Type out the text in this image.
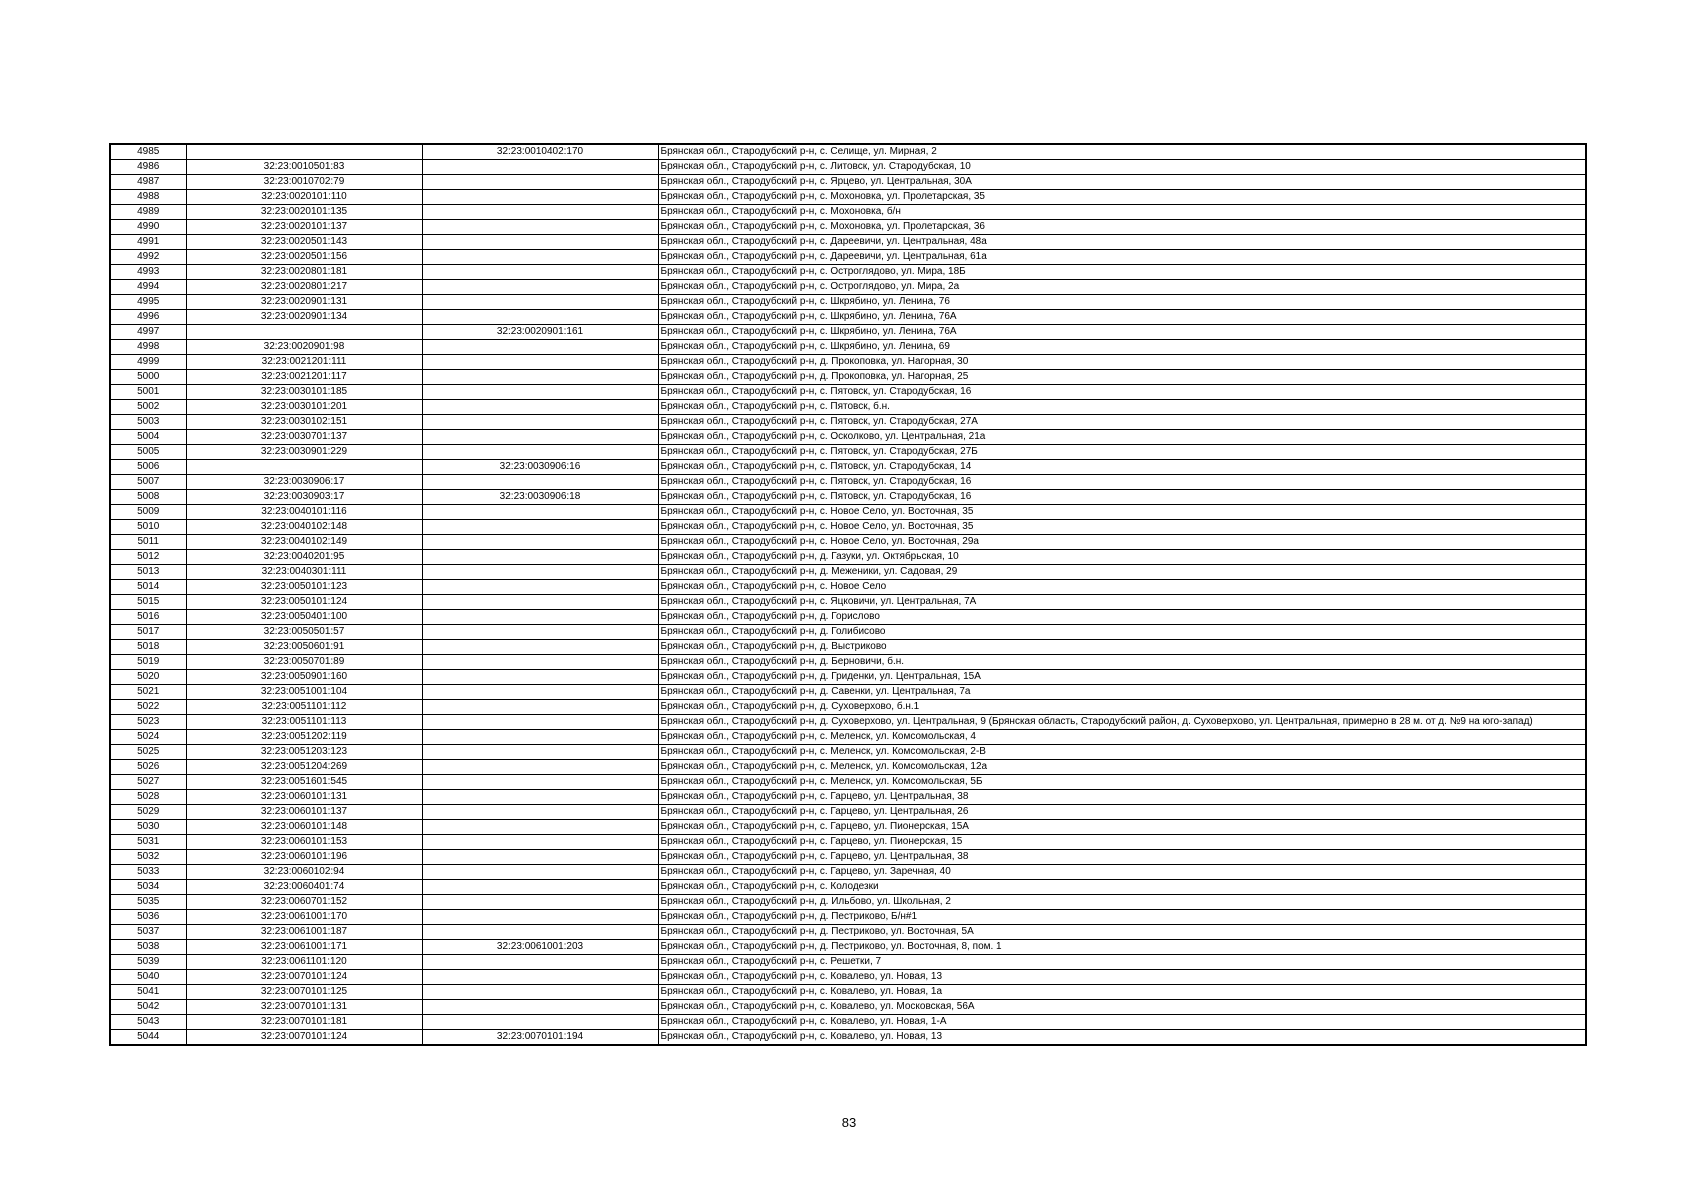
4985		32:23:0010402:170	Брянская обл., Стародубский р-н, с. Селище, ул. Мирная, 2
4986	32:23:0010501:83		Брянская обл., Стародубский р-н, с. Литовск, ул. Стародубская, 10
4987	32:23:0010702:79		Брянская обл., Стародубский р-н, с. Ярцево, ул. Центральная, 30А
4988	32:23:0020101:110		Брянская обл., Стародубский р-н, с. Мохоновка, ул. Пролетарская, 35
4989	32:23:0020101:135		Брянская обл., Стародубский р-н, с. Мохоновка, б/н
4990	32:23:0020101:137		Брянская обл., Стародубский р-н, с. Мохоновка, ул. Пролетарская, 36
4991	32:23:0020501:143		Брянская обл., Стародубский р-н, с. Дареевичи, ул. Центральная, 48а
4992	32:23:0020501:156		Брянская обл., Стародубский р-н, с. Дареевичи, ул. Центральная, 61а
4993	32:23:0020801:181		Брянская обл., Стародубский р-н, с. Остроглядово, ул. Мира, 18Б
4994	32:23:0020801:217		Брянская обл., Стародубский р-н, с. Остроглядово, ул. Мира, 2а
4995	32:23:0020901:131		Брянская обл., Стародубский р-н, с. Шкрябино, ул. Ленина, 76
4996	32:23:0020901:134		Брянская обл., Стародубский р-н, с. Шкрябино, ул. Ленина, 76А
4997		32:23:0020901:161	Брянская обл., Стародубский р-н, с. Шкрябино, ул. Ленина, 76А
4998	32:23:0020901:98		Брянская обл., Стародубский р-н, с. Шкрябино, ул. Ленина, 69
4999	32:23:0021201:111		Брянская обл., Стародубский р-н, д. Прокоповка, ул. Нагорная, 30
5000	32:23:0021201:117		Брянская обл., Стародубский р-н, д. Прокоповка, ул. Нагорная, 25
5001	32:23:0030101:185		Брянская обл., Стародубский р-н, с. Пятовск, ул. Стародубская, 16
5002	32:23:0030101:201		Брянская обл., Стародубский р-н, с. Пятовск, б.н.
5003	32:23:0030102:151		Брянская обл., Стародубский р-н, с. Пятовск, ул. Стародубская, 27А
5004	32:23:0030701:137		Брянская обл., Стародубский р-н, с. Осколково, ул. Центральная, 21а
5005	32:23:0030901:229		Брянская обл., Стародубский р-н, с. Пятовск, ул. Стародубская, 27Б
5006		32:23:0030906:16	Брянская обл., Стародубский р-н, с. Пятовск, ул. Стародубская, 14
5007	32:23:0030906:17		Брянская обл., Стародубский р-н, с. Пятовск, ул. Стародубская, 16
5008	32:23:0030903:17	32:23:0030906:18	Брянская обл., Стародубский р-н, с. Пятовск, ул. Стародубская, 16
5009	32:23:0040101:116		Брянская обл., Стародубский р-н, с. Новое Село, ул. Восточная, 35
5010	32:23:0040102:148		Брянская обл., Стародубский р-н, с. Новое Село, ул. Восточная, 35
5011	32:23:0040102:149		Брянская обл., Стародубский р-н, с. Новое Село, ул. Восточная, 29а
5012	32:23:0040201:95		Брянская обл., Стародубский р-н, д. Газуки, ул. Октябрьская, 10
5013	32:23:0040301:111		Брянская обл., Стародубский р-н, д. Меженики, ул. Садовая, 29
5014	32:23:0050101:123		Брянская обл., Стародубский р-н, с. Новое Село
5015	32:23:0050101:124		Брянская обл., Стародубский р-н, с. Яцковичи, ул. Центральная, 7А
5016	32:23:0050401:100		Брянская обл., Стародубский р-н, д. Горислово
5017	32:23:0050501:57		Брянская обл., Стародубский р-н, д. Голибисово
5018	32:23:0050601:91		Брянская обл., Стародубский р-н, д. Выстриково
5019	32:23:0050701:89		Брянская обл., Стародубский р-н, д. Берновичи, б.н.
5020	32:23:0050901:160		Брянская обл., Стародубский р-н, д. Гриденки, ул. Центральная, 15А
5021	32:23:0051001:104		Брянская обл., Стародубский р-н, д. Савенки, ул. Центральная, 7а
5022	32:23:0051101:112		Брянская обл., Стародубский р-н, д. Суховерхово, б.н.1
5023	32:23:0051101:113		Брянская обл., Стародубский р-н, д. Суховерхово, ул. Центральная, 9 (Брянская область, Стародубский район, д. Суховерхово, ул. Центральная, примерно в 28 м. от д. №9 на юго-запад)
5024	32:23:0051202:119		Брянская обл., Стародубский р-н, с. Меленск, ул. Комсомольская, 4
5025	32:23:0051203:123		Брянская обл., Стародубский р-н, с. Меленск, ул. Комсомольская, 2-В
5026	32:23:0051204:269		Брянская обл., Стародубский р-н, с. Меленск, ул. Комсомольская, 12а
5027	32:23:0051601:545		Брянская обл., Стародубский р-н, с. Меленск, ул. Комсомольская, 5Б
5028	32:23:0060101:131		Брянская обл., Стародубский р-н, с. Гарцево, ул. Центральная, 38
5029	32:23:0060101:137		Брянская обл., Стародубский р-н, с. Гарцево, ул. Центральная, 26
5030	32:23:0060101:148		Брянская обл., Стародубский р-н, с. Гарцево, ул. Пионерская, 15А
5031	32:23:0060101:153		Брянская обл., Стародубский р-н, с. Гарцево, ул. Пионерская, 15
5032	32:23:0060101:196		Брянская обл., Стародубский р-н, с. Гарцево, ул. Центральная, 38
5033	32:23:0060102:94		Брянская обл., Стародубский р-н, с. Гарцево, ул. Заречная, 40
5034	32:23:0060401:74		Брянская обл., Стародубский р-н, с. Колодезки
5035	32:23:0060701:152		Брянская обл., Стародубский р-н, д. Ильбово, ул. Школьная, 2
5036	32:23:0061001:170		Брянская обл., Стародубский р-н, д. Пестриково, Б/н#1
5037	32:23:0061001:187		Брянская обл., Стародубский р-н, д. Пестриково, ул. Восточная, 5А
5038	32:23:0061001:171	32:23:0061001:203	Брянская обл., Стародубский р-н, д. Пестриково, ул. Восточная, 8, пом. 1
5039	32:23:0061101:120		Брянская обл., Стародубский р-н, с. Решетки, 7
5040	32:23:0070101:124		Брянская обл., Стародубский р-н, с. Ковалево, ул. Новая, 13
5041	32:23:0070101:125		Брянская обл., Стародубский р-н, с. Ковалево, ул. Новая, 1а
5042	32:23:0070101:131		Брянская обл., Стародубский р-н, с. Ковалево, ул. Московская, 56А
5043	32:23:0070101:181		Брянская обл., Стародубский р-н, с. Ковалево, ул. Новая, 1-А
5044	32:23:0070101:124	32:23:0070101:194	Брянская обл., Стародубский р-н, с. Ковалево, ул. Новая, 13
83
